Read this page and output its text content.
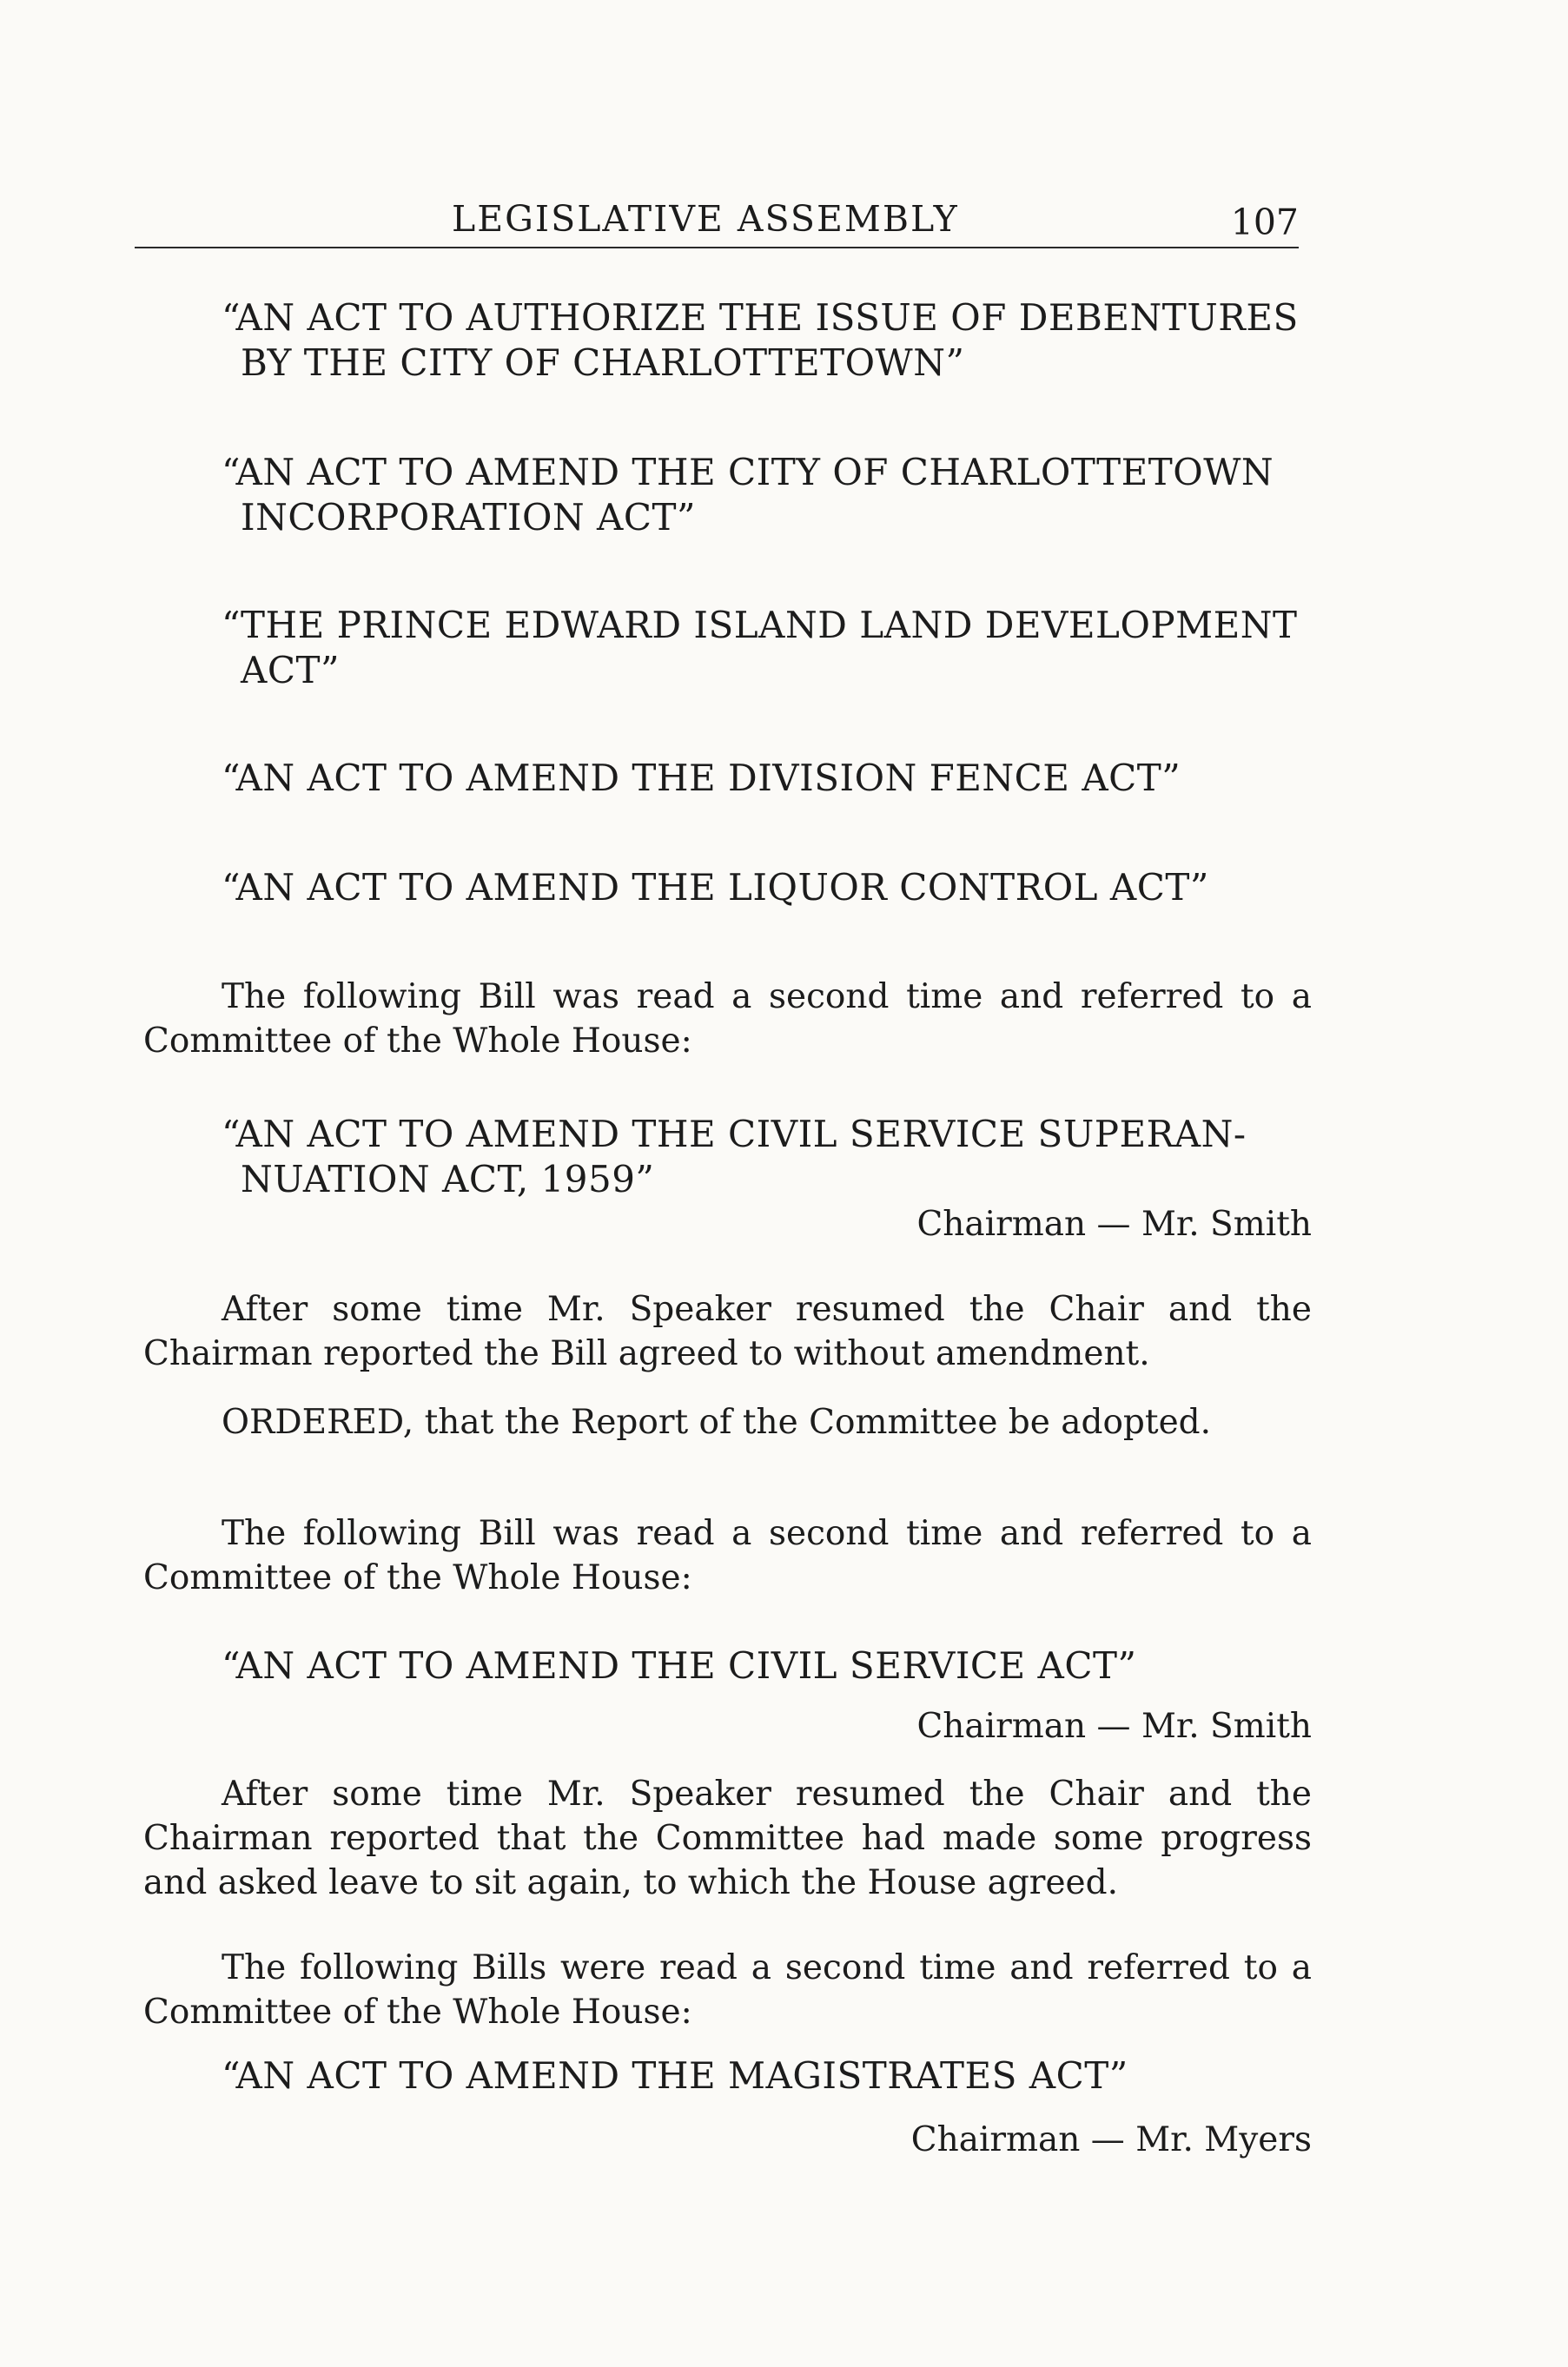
LEGISLATIVE ASSEMBLY	107
“AN ACT TO AUTHORIZE THE ISSUE OF DEBENTURES
BY THE CITY OF CHARLOTTETOWN”
“AN ACT TO AMEND THE CITY OF CHARLOTTETOWN
INCORPORATION ACT”
“THE PRINCE EDWARD ISLAND LAND DEVELOPMENT
ACT”
“AN ACT TO AMEND THE DIVISION FENCE ACT”
“AN ACT TO AMEND THE LIQUOR CONTROL ACT”
The following Bill was read a second time and referred to a Committee of the Whole House:
“AN ACT TO AMEND THE CIVIL SERVICE SUPERAN-
NUATION ACT, 1959”
Chairman — Mr. Smith
After some time Mr. Speaker resumed the Chair and the Chairman reported the Bill agreed to without amendment.
ORDERED, that the Report of the Committee be adopted.
The following Bill was read a second time and referred to a Committee of the Whole House:
“AN ACT TO AMEND THE CIVIL SERVICE ACT”
Chairman — Mr. Smith
After some time Mr. Speaker resumed the Chair and the Chairman reported that the Committee had made some progress and asked leave to sit again, to which the House agreed.
The following Bills were read a second time and referred to a Committee of the Whole House:
“AN ACT TO AMEND THE MAGISTRATES ACT”
Chairman — Mr. Myers
